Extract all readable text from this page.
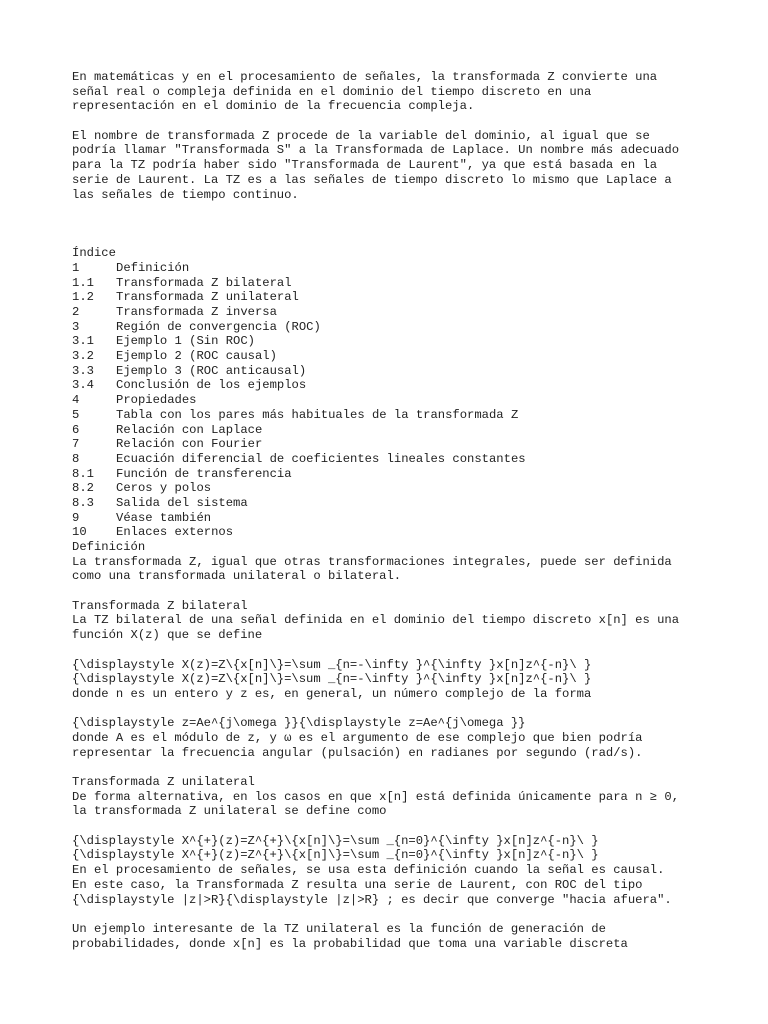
En matemáticas y en el procesamiento de señales, la transformada Z convierte una
señal real o compleja definida en el dominio del tiempo discreto en una
representación en el dominio de la frecuencia compleja.
El nombre de transformada Z procede de la variable del dominio, al igual que se
podría llamar "Transformada S" a la Transformada de Laplace. Un nombre más adecuado
para la TZ podría haber sido "Transformada de Laurent", ya que está basada en la
serie de Laurent. La TZ es a las señales de tiempo discreto lo mismo que Laplace a
las señales de tiempo continuo.
Índice
1	Definición
1.1	Transformada Z bilateral
1.2	Transformada Z unilateral
2	Transformada Z inversa
3	Región de convergencia (ROC)
3.1	Ejemplo 1 (Sin ROC)
3.2	Ejemplo 2 (ROC causal)
3.3	Ejemplo 3 (ROC anticausal)
3.4	Conclusión de los ejemplos
4	Propiedades
5	Tabla con los pares más habituales de la transformada Z
6	Relación con Laplace
7	Relación con Fourier
8	Ecuación diferencial de coeficientes lineales constantes
8.1	Función de transferencia
8.2	Ceros y polos
8.3	Salida del sistema
9	Véase también
10	Enlaces externos
Definición
La transformada Z, igual que otras transformaciones integrales, puede ser definida
como una transformada unilateral o bilateral.
Transformada Z bilateral
La TZ bilateral de una señal definida en el dominio del tiempo discreto x[n] es una
función X(z) que se define
{\displaystyle X(z)=Z\{x[n]\}=\sum _{n=-\infty }^{\infty }x[n]z^{-n}\ }
{\displaystyle X(z)=Z\{x[n]\}=\sum _{n=-\infty }^{\infty }x[n]z^{-n}\ }
donde n es un entero y z es, en general, un número complejo de la forma
{\displaystyle z=Ae^{j\omega }}{\displaystyle z=Ae^{j\omega }}
donde A es el módulo de z, y ω es el argumento de ese complejo que bien podría
representar la frecuencia angular (pulsación) en radianes por segundo (rad/s).
Transformada Z unilateral
De forma alternativa, en los casos en que x[n] está definida únicamente para n ≥ 0,
la transformada Z unilateral se define como
{\displaystyle X^{+}(z)=Z^{+}\{x[n]\}=\sum _{n=0}^{\infty }x[n]z^{-n}\ }
{\displaystyle X^{+}(z)=Z^{+}\{x[n]\}=\sum _{n=0}^{\infty }x[n]z^{-n}\ }
En el procesamiento de señales, se usa esta definición cuando la señal es causal.
En este caso, la Transformada Z resulta una serie de Laurent, con ROC del tipo
{\displaystyle |z|>R}{\displaystyle |z|>R} ; es decir que converge "hacia afuera".
Un ejemplo interesante de la TZ unilateral es la función de generación de
probabilidades, donde x[n] es la probabilidad que toma una variable discreta
